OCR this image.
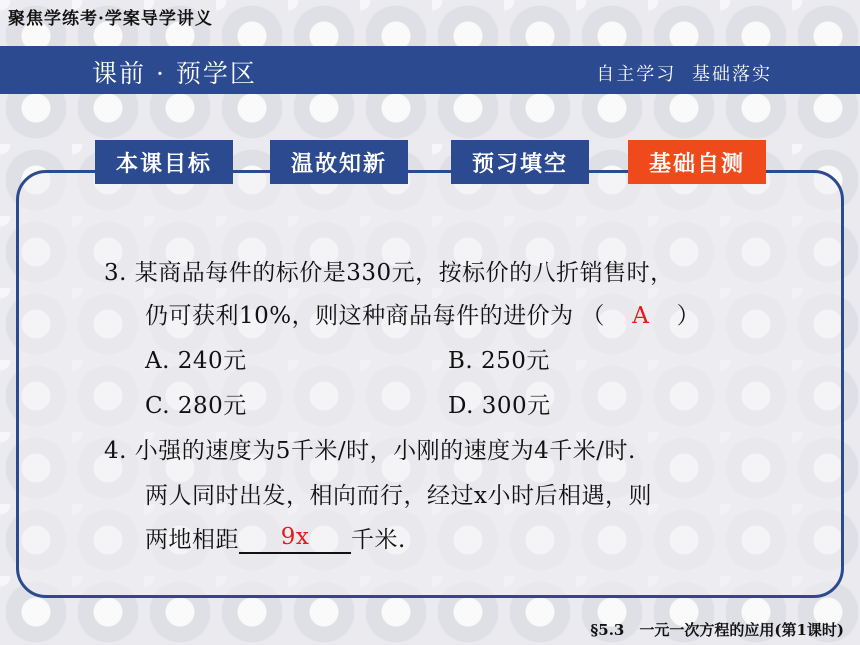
聚焦学练考·学案导学讲义
课前 · 预学区	自主学习 基础落实
本课目标	温故知新	预习填空	基础自测
3. 某商品每件的标价是330元，按标价的八折销售时，
仍可获利10%，则这种商品每件的进价为 （ A ）
A. 240元	B. 250元
C. 280元	D. 300元
4. 小强的速度为5千米/时，小刚的速度为4千米/时.
两人同时出发，相向而行，经过x小时后相遇，则
两地相距 9x 千米.
§5.3　一元一次方程的应用(第1课时)
